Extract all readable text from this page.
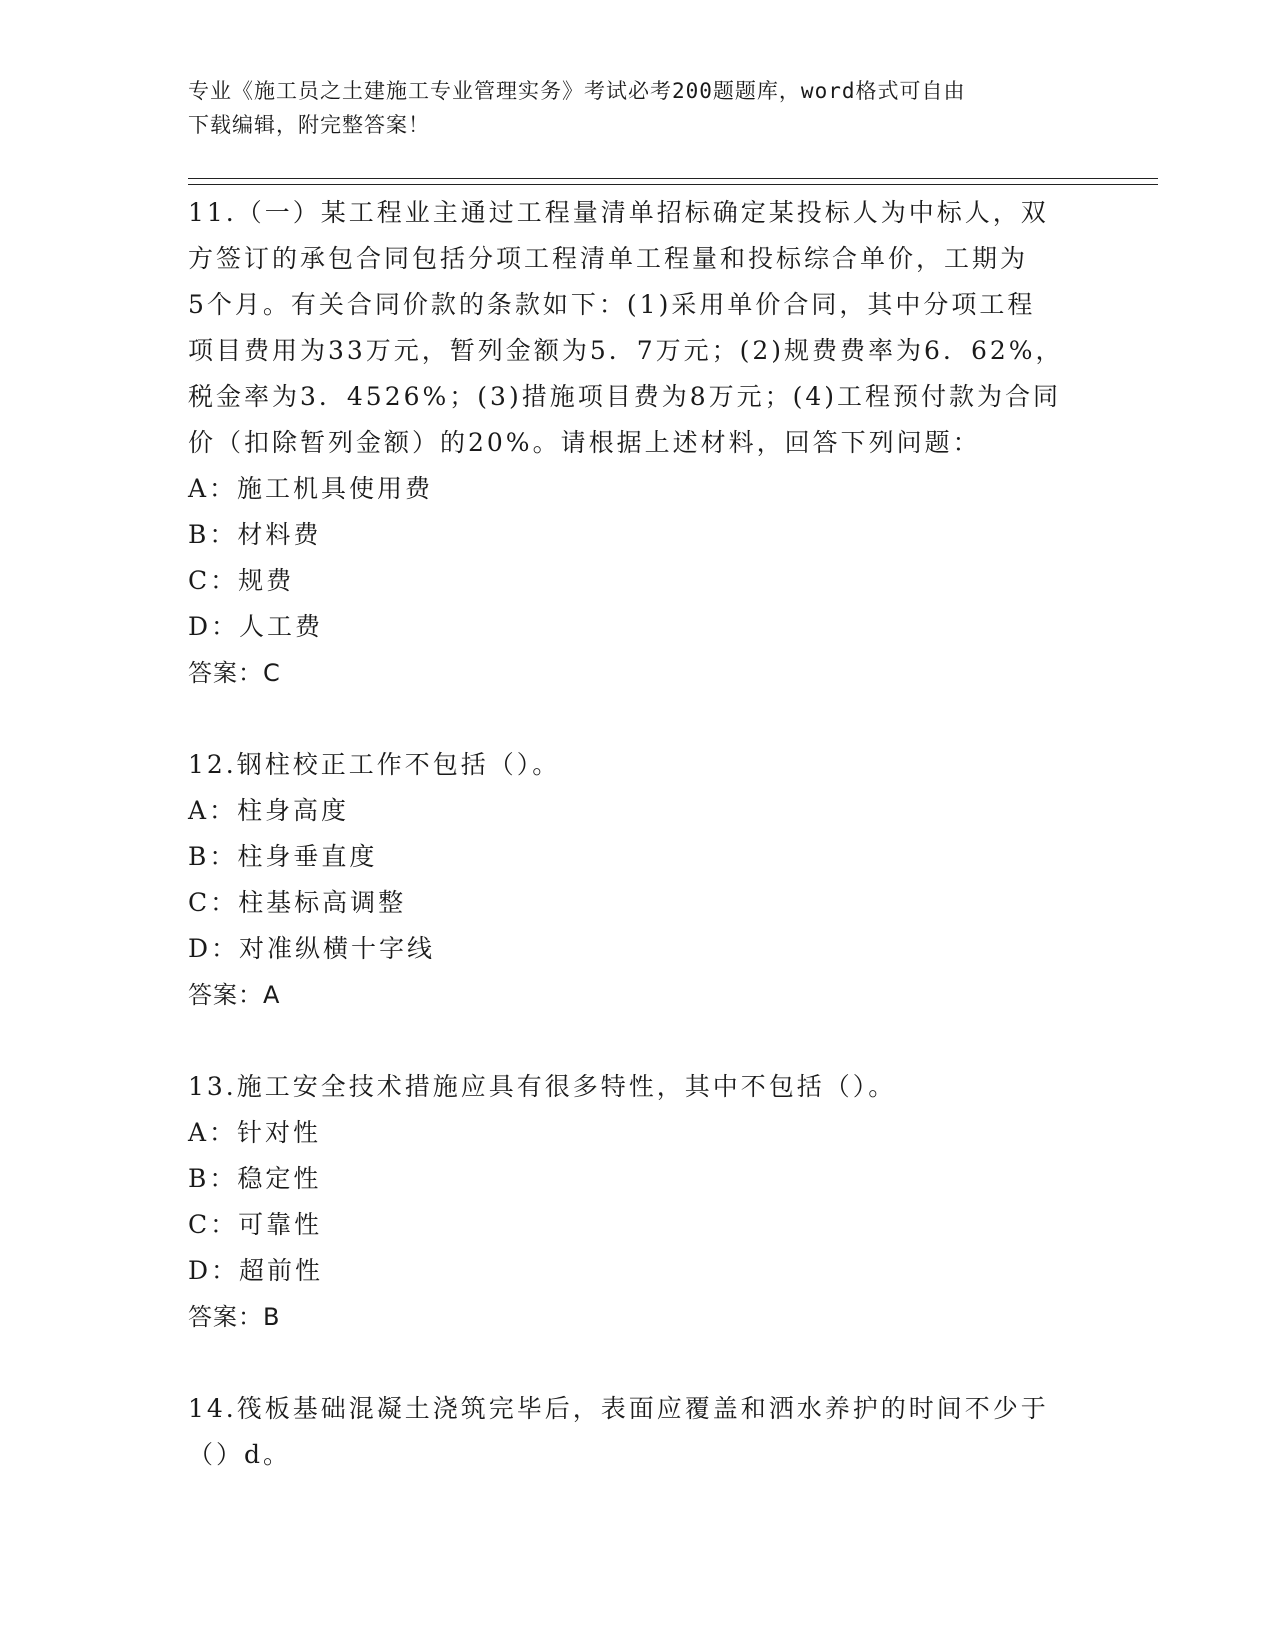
专业《施工员之土建施工专业管理实务》考试必考200题题库，word格式可自由
下载编辑，附完整答案！

11.（一）某工程业主通过工程量清单招标确定某投标人为中标人，双

方签订的承包合同包括分项工程清单工程量和投标综合单价，工期为

5个月。有关合同价款的条款如下：(1)采用单价合同，其中分项工程

项目费用为33万元，暂列金额为5．7万元；(2)规费费率为6．62%，

税金率为3．4526%；(3)措施项目费为8万元；(4)工程预付款为合同

价（扣除暂列金额）的20%。请根据上述材料，回答下列问题：

A：施工机具使用费

B：材料费

C：规费

D：人工费

答案：C

12.钢柱校正工作不包括（）。

A：柱身高度

B：柱身垂直度

C：柱基标高调整

D：对准纵横十字线

答案：A

13.施工安全技术措施应具有很多特性，其中不包括（）。

A：针对性

B：稳定性

C：可靠性

D：超前性

答案：B

14.筏板基础混凝土浇筑完毕后，表面应覆盖和洒水养护的时间不少于

（）d。
